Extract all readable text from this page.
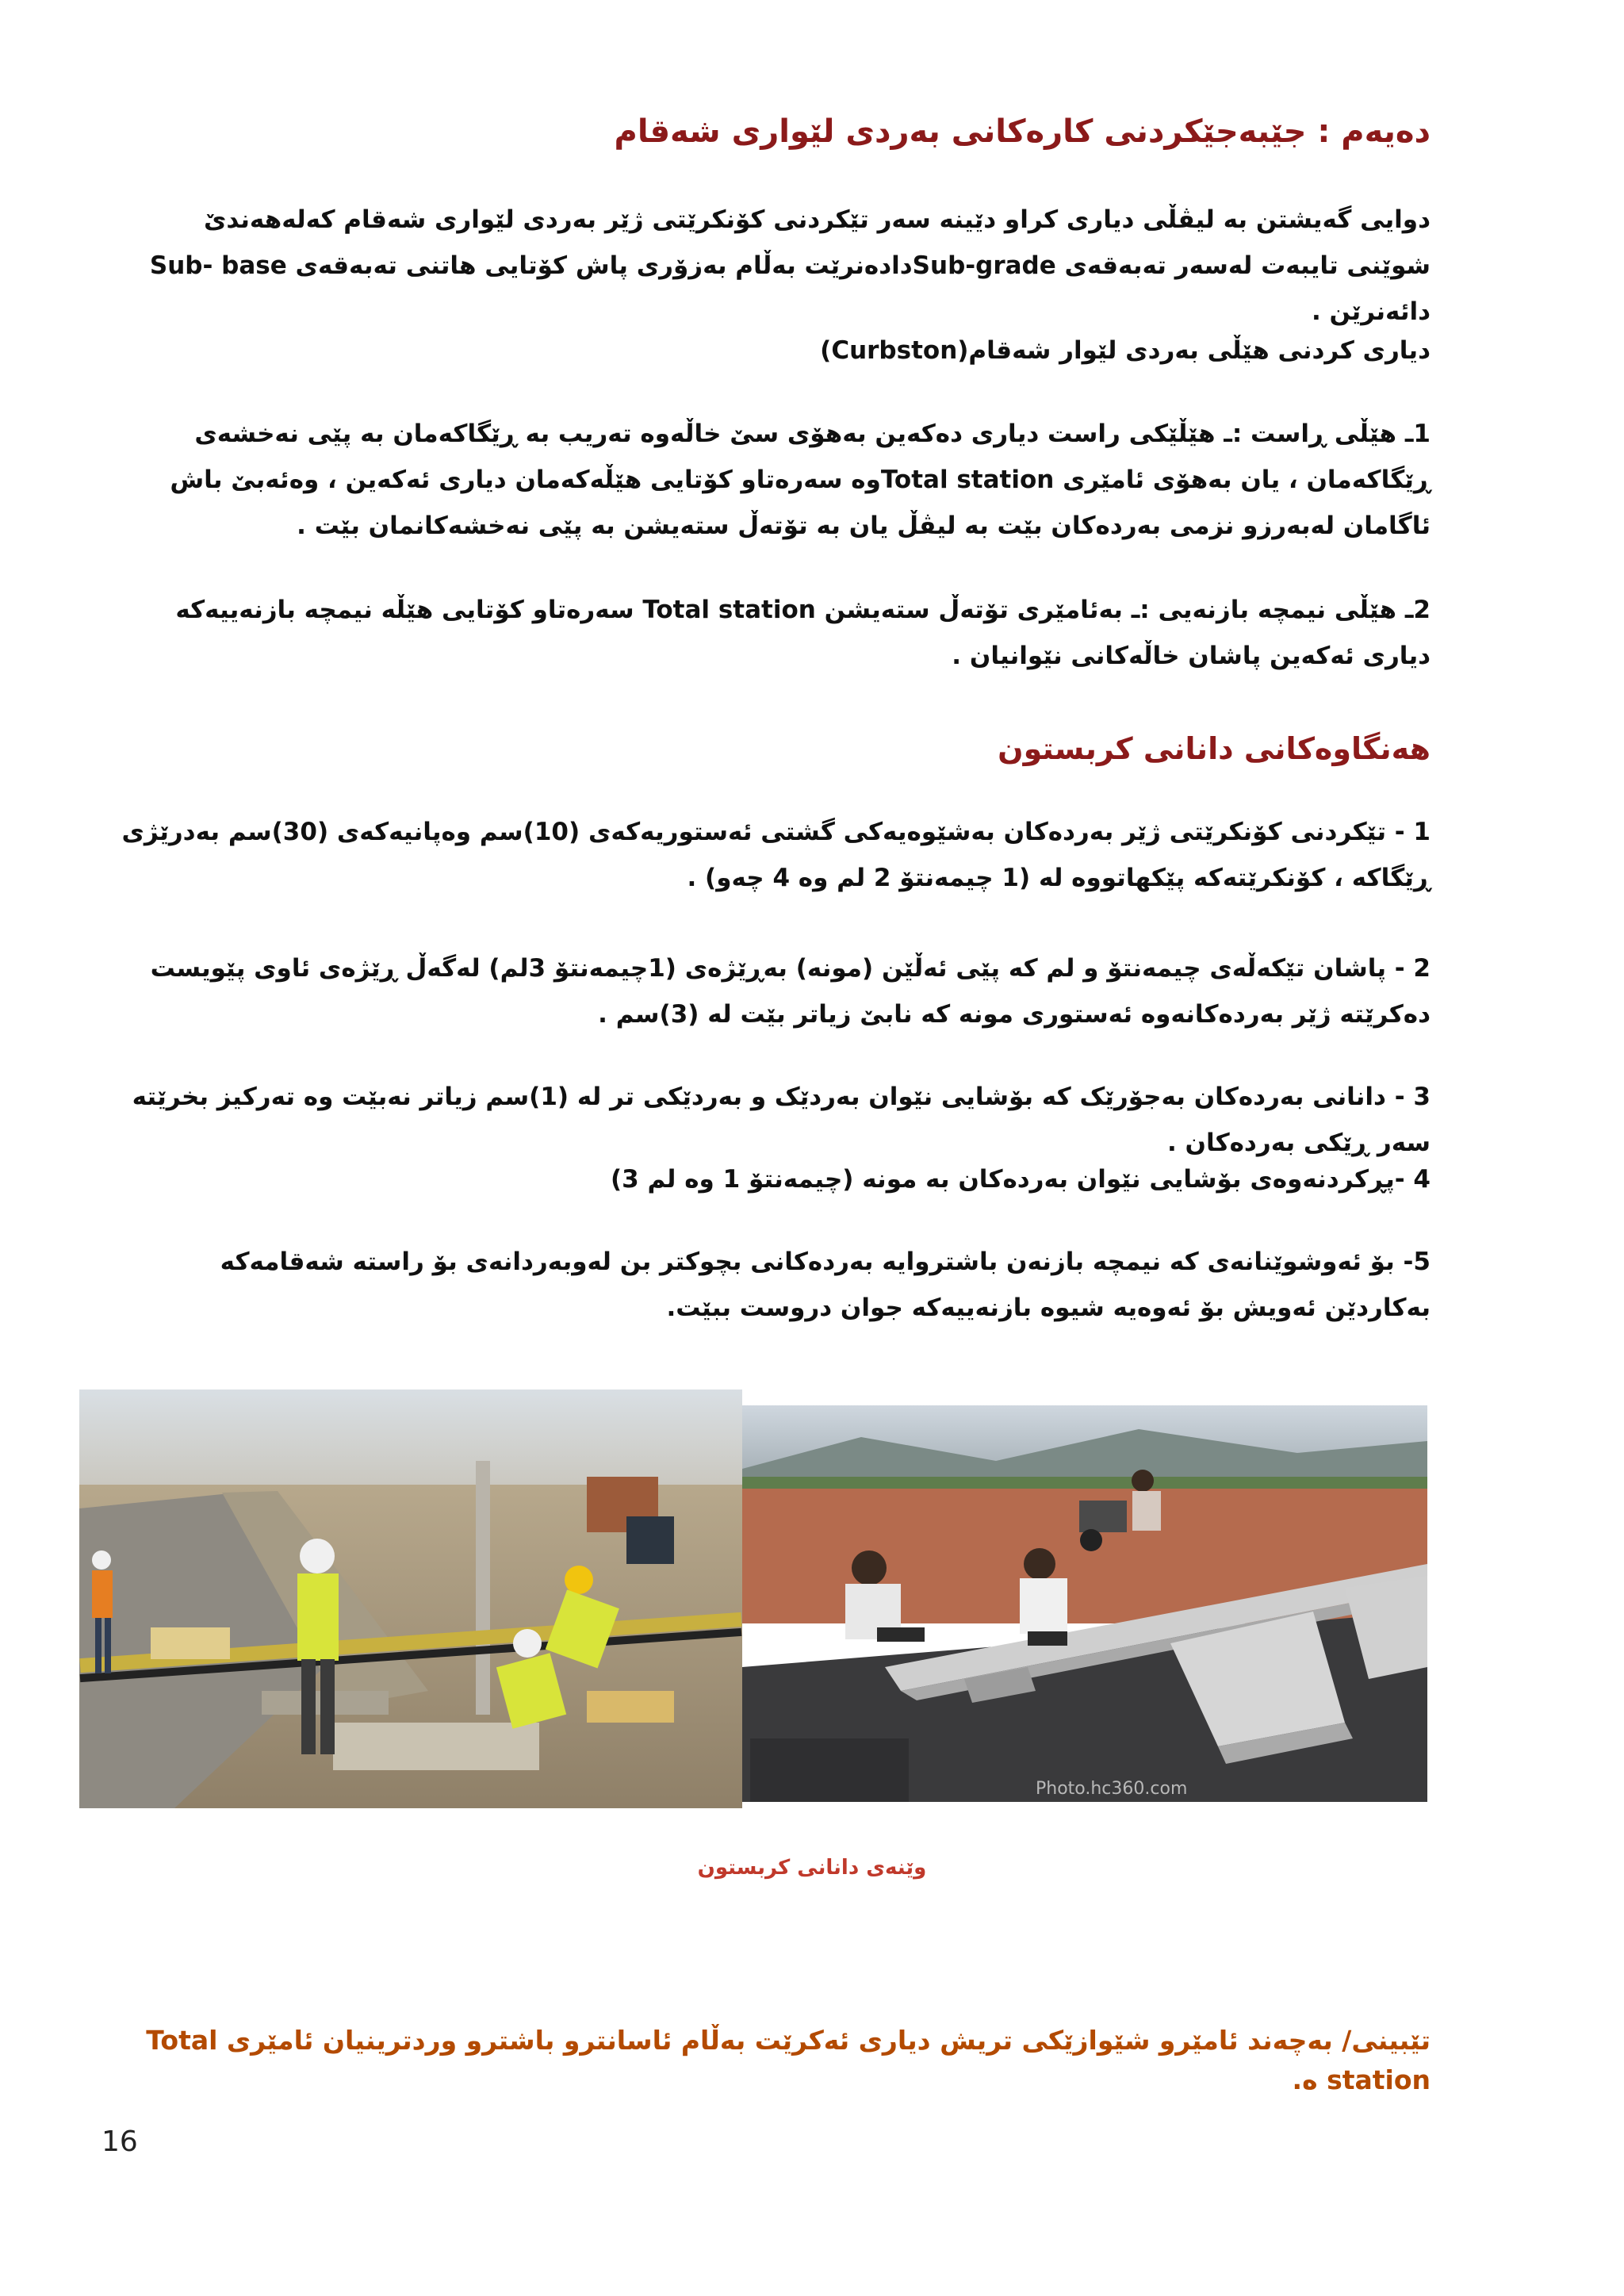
دەیەم : جێبەجێکردنی کارەکانی بەردی لێواری شەقام
دوایی گەیشتن بە لیڤڵی دیاری کراو دێینە سەر تێکردنی کۆنکرێتی ژێر بەردی لێواری شەقام کەلەهەندێ شوێنی تایبەت لەسەر تەبەقەی Sub-gradeدادەنرێت بەڵام بەزۆری پاش کۆتایی هاتنی تەبەقەی Sub- base دائەنرێن .
دیاری کردنی هێڵی بەردی لێوار شەقام(Curbston)
1ـ هێڵی ڕاست :ـ هێڵێکی راست دیاری دەکەین بەهۆی سێ خاڵەوە تەریب بە ڕێگاکەمان بە پێی نەخشەی ڕێگاکەمان ، یان بەهۆی ئامێری Total stationوە سەرەتاو کۆتایی هێڵەکەمان دیاری ئەکەین ، وەئەبێ باش ئاگامان لەبەرزو نزمی بەردەکان بێت بە لیڤڵ یان بە تۆتەڵ ستەیشن بە پێی نەخشەکانمان بێت .
2ـ هێڵی نیمچە بازنەیی :ـ بەئامێری تۆتەڵ ستەیشن Total station سەرەتاو کۆتایی هێڵە نیمچە بازنەییەکە دیاری ئەکەین پاشان خاڵەکانی نێوانیان .
هەنگاوەکانی دانانی کربستون
1 - تێکردنی کۆنکرێتی ژێر بەردەکان بەشێوەیەکی گشتی ئەستوریەکەی (10)سم وەپانیەکەی (30)سم بەدرێژی ڕێگاکە ، کۆنکرێتەکە پێکهاتووە لە (1 چیمەنتۆ 2 لم وە 4 چەو) .
2 - پاشان تێکەڵەی چیمەنتۆ و لم کە پێی ئەڵێن (مونە) بەڕێژەی (1چیمەنتۆ 3لم) لەگەڵ ڕێژەی ئاوی پێویست دەکرێتە ژێر بەردەکانەوە ئەستوری مونە کە نابێ زیاتر بێت لە (3)سم .
3 - دانانی بەردەکان بەجۆرێک کە بۆشایی نێوان بەردێک و بەردێکی تر لە (1)سم زیاتر نەبێت وە تەرکیز بخرێتە سەر ڕێکی بەردەکان .
4 -پڕکردنەوەی بۆشایی نێوان بەردەکان بە مونە (چیمەنتۆ 1 وە لم 3)
5- بۆ ئەوشوێنانەی کە نیمچە بازنەن باشتروایە بەردەکانی بچوکتر بن لەوبەردانەی بۆ راستە شەقامەکە بەکاردێن ئەویش بۆ ئەوەیە شیوە بازنەییەکە جوان دروست ببێت.
Photo.hc360.com
وێنەی دانانی کربستون
تێبینی/ بەچەند ئامێرو شێوازێکی تریش دیاری ئەکرێت بەڵام ئاسانترو باشترو وردترینیان ئامێری Total station ە.
16
